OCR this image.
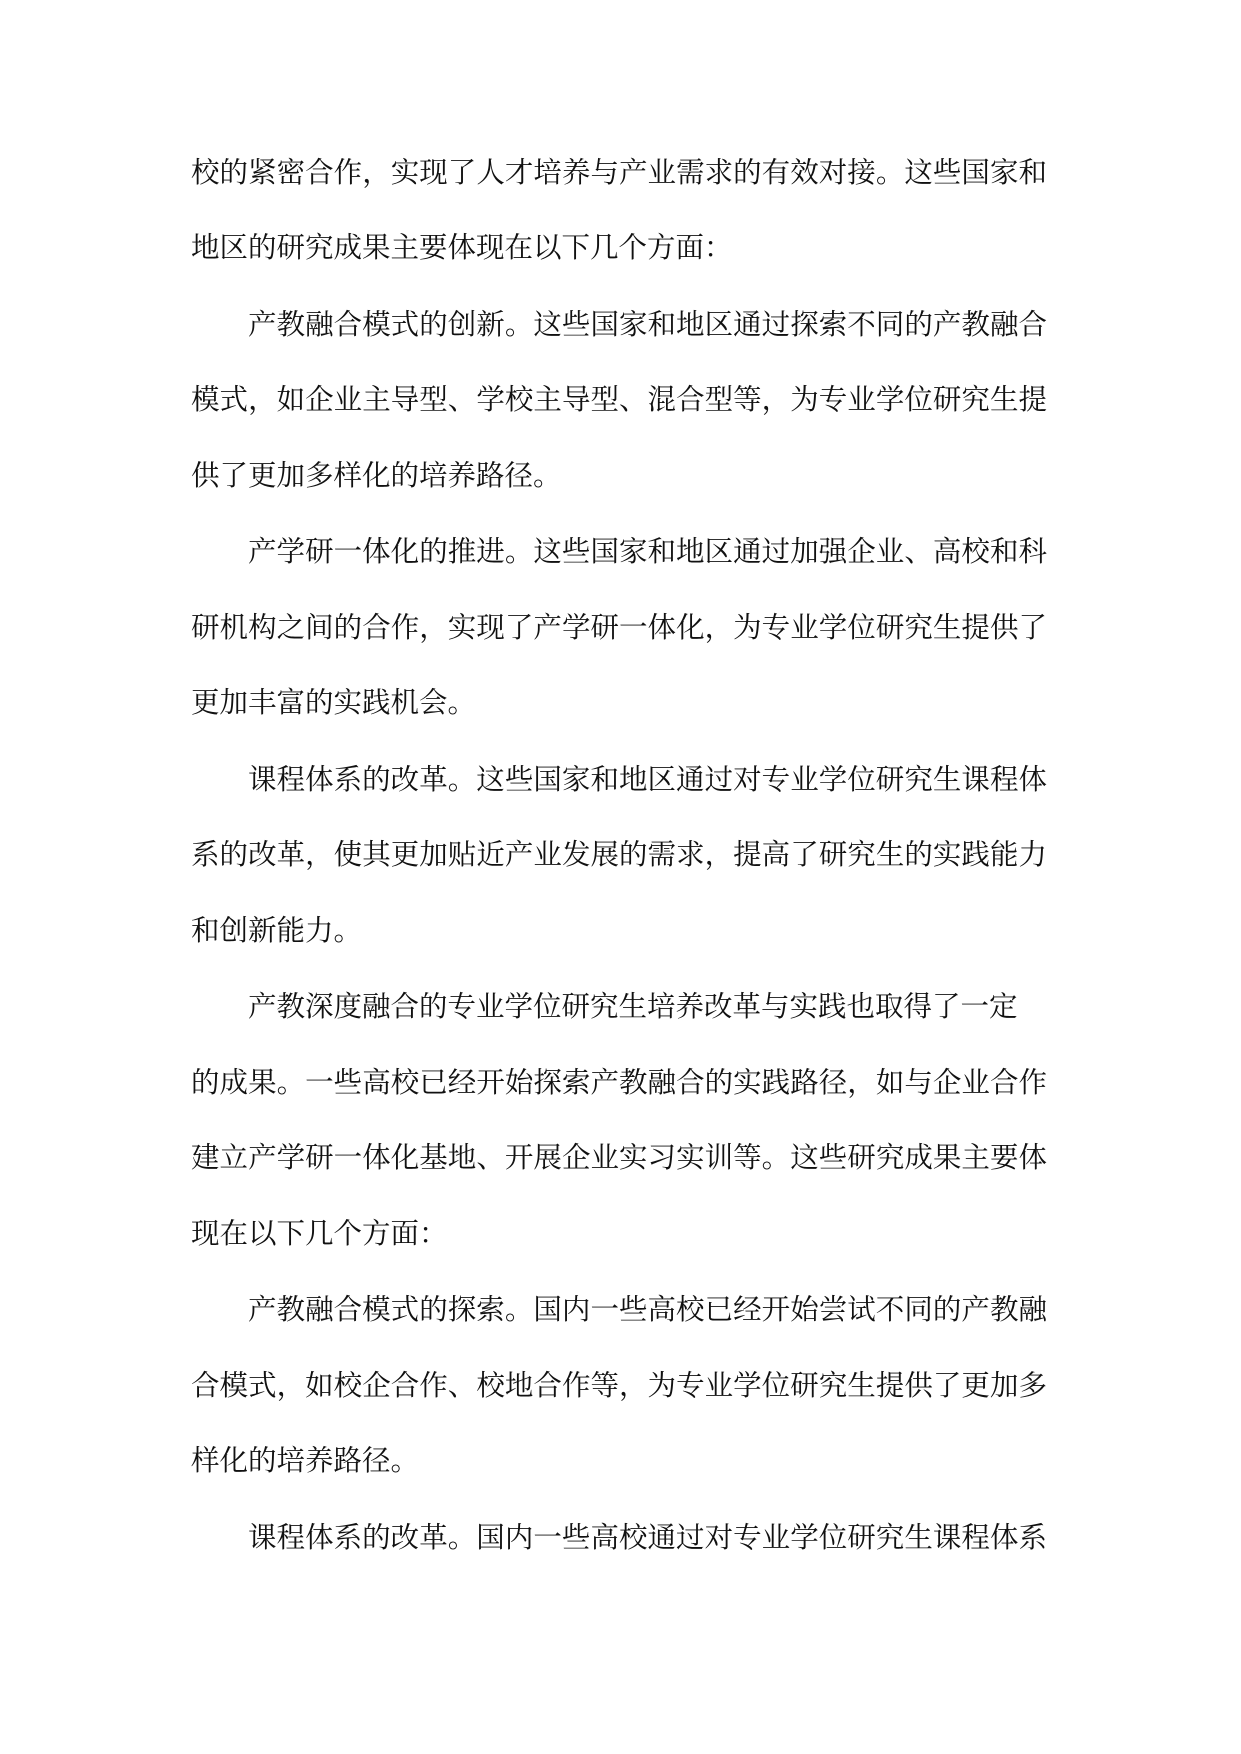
校的紧密合作，实现了人才培养与产业需求的有效对接。这些国家和

地区的研究成果主要体现在以下几个方面：

产教融合模式的创新。这些国家和地区通过探索不同的产教融合

模式，如企业主导型、学校主导型、混合型等，为专业学位研究生提

供了更加多样化的培养路径。

产学研一体化的推进。这些国家和地区通过加强企业、高校和科

研机构之间的合作，实现了产学研一体化，为专业学位研究生提供了

更加丰富的实践机会。

课程体系的改革。这些国家和地区通过对专业学位研究生课程体

系的改革，使其更加贴近产业发展的需求，提高了研究生的实践能力

和创新能力。

产教深度融合的专业学位研究生培养改革与实践也取得了一定

的成果。一些高校已经开始探索产教融合的实践路径，如与企业合作

建立产学研一体化基地、开展企业实习实训等。这些研究成果主要体

现在以下几个方面：

产教融合模式的探索。国内一些高校已经开始尝试不同的产教融

合模式，如校企合作、校地合作等，为专业学位研究生提供了更加多

样化的培养路径。

课程体系的改革。国内一些高校通过对专业学位研究生课程体系
